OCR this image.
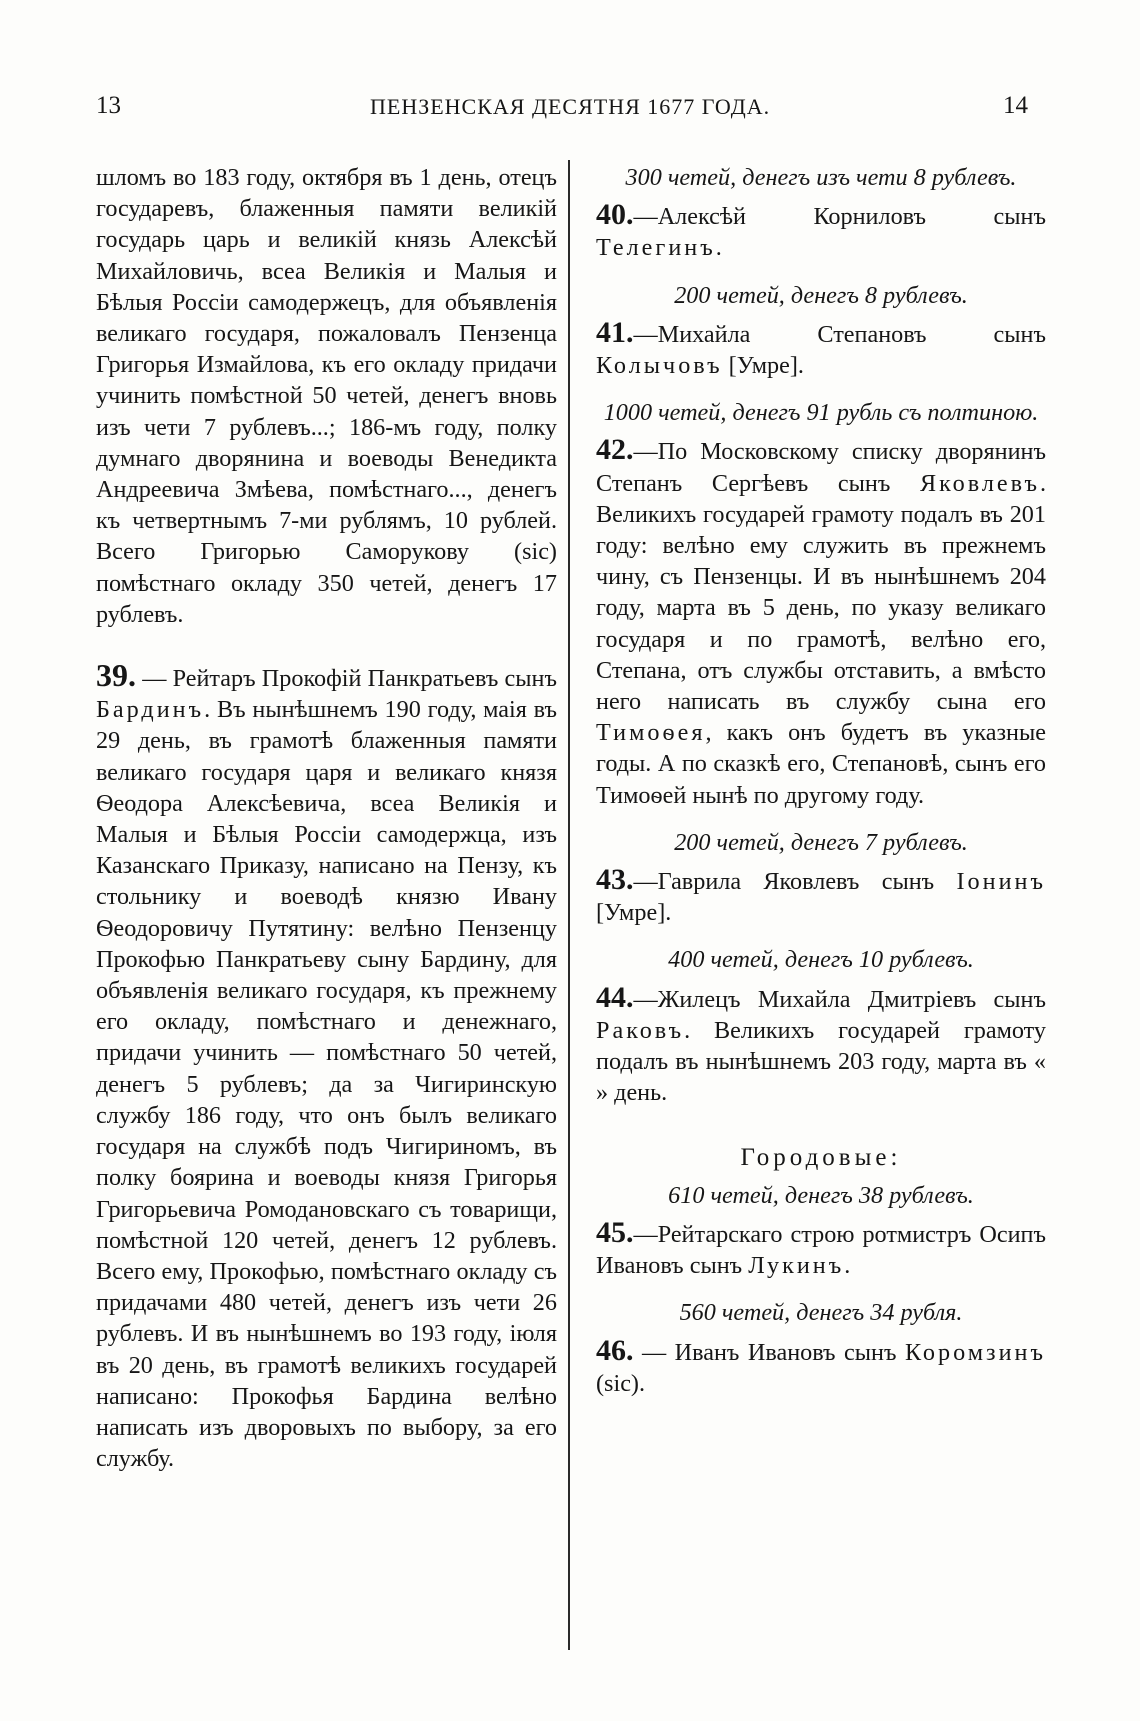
13	ПЕНЗЕНСКАЯ ДЕСЯТНЯ 1677 ГОДА.	14

шломъ во 183 году, октября въ 1 день, отецъ государевъ, блаженныя памяти великій государь царь и великій князь Алексѣй Михайловичь, всеа Великія и Малыя и Бѣлыя Россіи самодержецъ, для объявленія великаго государя, пожаловалъ Пензенца Григорья Измайлова, къ его окладу придачи учинить помѣстной 50 четей, денегъ вновь изъ чети 7 рублевъ...; 186-мъ году, полку думнаго дворянина и воеводы Венедикта Андреевича Змѣева, помѣстнаго..., денегъ къ четвертнымъ 7-ми рублямъ, 10 рублей. Всего Григорью Саморукову (sic) помѣстнаго окладу 350 четей, денегъ 17 рублевъ.

39. — Рейтаръ Прокофій Панкратьевъ сынъ Бардинъ. Въ нынѣшнемъ 190 году, маія въ 29 день, въ грамотѣ блаженныя памяти великаго государя царя и великаго князя Ѳеодора Алексѣевича, всеа Великія и Малыя и Бѣлыя Россіи самодержца, изъ Казанскаго Приказу, написано на Пензу, къ стольнику и воеводѣ князю Ивану Ѳеодоровичу Путятину: велѣно Пензенцу Прокофью Панкратьеву сыну Бардину, для объявленія великаго государя, къ прежнему его окладу, помѣстнаго и денежнаго, придачи учинить — помѣстнаго 50 четей, денегъ 5 рублевъ; да за Чигиринскую службу 186 году, что онъ былъ великаго государя на службѣ подъ Чигириномъ, въ полку боярина и воеводы князя Григорья Григорьевича Ромодановскаго съ товарищи, помѣстной 120 четей, денегъ 12 рублевъ. Всего ему, Прокофью, помѣстнаго окладу съ придачами 480 четей, денегъ изъ чети 26 рублевъ. И въ нынѣшнемъ во 193 году, іюля въ 20 день, въ грамотѣ великихъ государей написано: Прокофья Бардина велѣно написать изъ дворовыхъ по выбору, за его службу.

300 четей, денегъ изъ чети 8 рублевъ.

40.—Алексѣй Корниловъ сынъ Телегинъ.

200 четей, денегъ 8 рублевъ.

41.—Михайла Степановъ сынъ Колычовъ [Умре].

1000 четей, денегъ 91 рубль съ полтиною.

42.—По Московскому списку дворянинъ Степанъ Сергѣевъ сынъ Яковлевъ. Великихъ государей грамоту подалъ въ 201 году: велѣно ему служить въ прежнемъ чину, съ Пензенцы. И въ нынѣшнемъ 204 году, марта въ 5 день, по указу великаго государя и по грамотѣ, велѣно его, Степана, отъ службы отставить, а вмѣсто него написать въ службу сына его Тимоѳея, какъ онъ будетъ въ указные годы. А по сказкѣ его, Степановѣ, сынъ его Тимоѳей нынѣ по другому году.

200 четей, денегъ 7 рублевъ.

43.—Гаврила Яковлевъ сынъ Іонинъ [Умре].

400 четей, денегъ 10 рублевъ.

44.—Жилецъ Михайла Дмитріевъ сынъ Раковъ. Великихъ государей грамоту подалъ въ нынѣшнемъ 203 году, марта въ « » день.

Городовые:

610 четей, денегъ 38 рублевъ.

45.—Рейтарскаго строю ротмистръ Осипъ Ивановъ сынъ Лукинъ.

560 четей, денегъ 34 рубля.

46. — Иванъ Ивановъ сынъ Коромзинъ (sic).
